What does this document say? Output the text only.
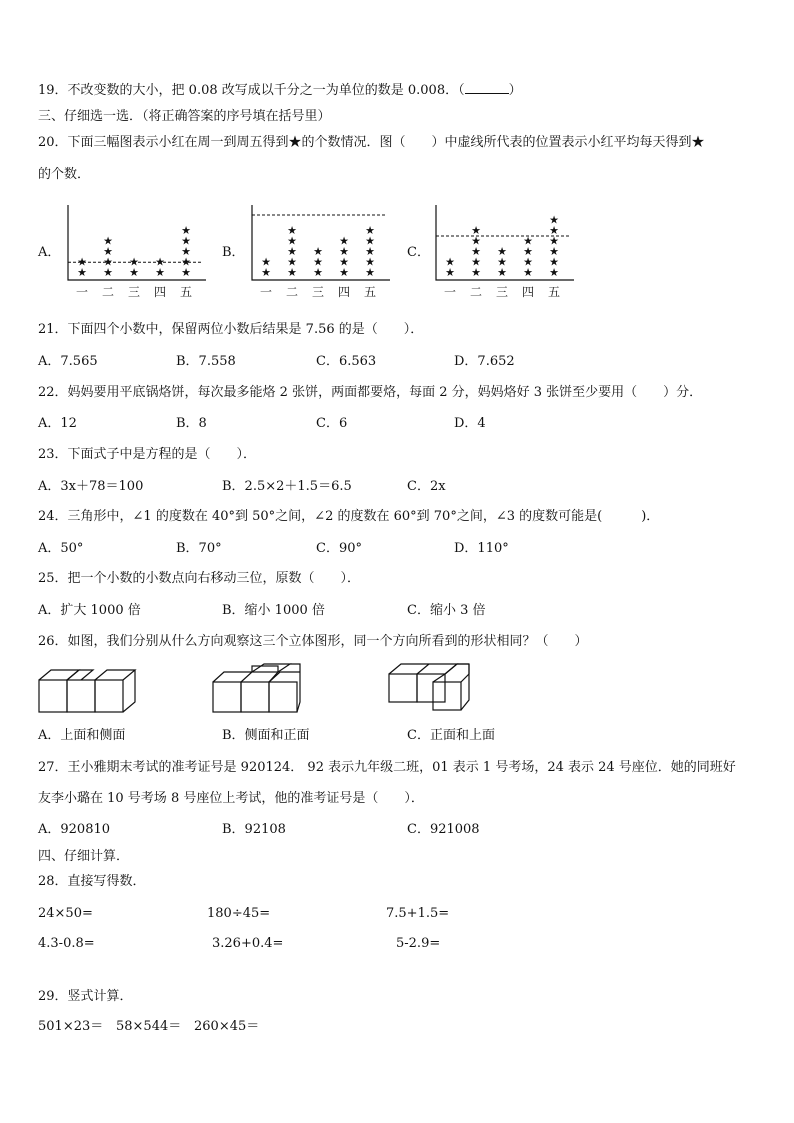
19．不改变数的大小，把 0.08 改写成以千分之一为单位的数是 0.008．（	）
三、仔细选一选．（将正确答案的序号填在括号里）
20．下面三幅图表示小红在周一到周五得到★的个数情况．图（　　）中虚线所代表的位置表示小红平均每天得到★
的个数．
A．	B．	C．
★
★
一
★
★
★
★
二
★
★
三
★
★
四
★
★
★
★
★
五
★
★
一
★
★
★
★
★
二
★
★
★
三
★
★
★
★
四
★
★
★
★
★
五
★
★
一
★
★
★
★
★
二
★
★
★
三
★
★
★
★
四
★
★
★
★
★
★
五
21．下面四个小数中，保留两位小数后结果是 7.56 的是（　　）．
A．7.565	B．7.558	C．6.563	D．7.652
22．妈妈要用平底锅烙饼，每次最多能烙 2 张饼，两面都要烙，每面 2 分，妈妈烙好 3 张饼至少要用（　　）分．
A．12	B．8	C．6	D．4
23．下面式子中是方程的是（　　）．
A．3x＋78＝100	B．2.5×2＋1.5＝6.5	C．2x
24．三角形中，∠1 的度数在 40°到 50°之间，∠2 的度数在 60°到 70°之间，∠3 的度数可能是(　　　)．
A．50°	B．70°	C．90°	D．110°
25．把一个小数的小数点向右移动三位，原数（　　）．
A．扩大 1000 倍	B．缩小 1000 倍	C．缩小 3 倍
26．如图，我们分别从什么方向观察这三个立体图形，同一个方向所看到的形状相同？（　　）
A．上面和侧面	B．侧面和正面	C．正面和上面
27．王小雅期末考试的准考证号是 920124． 92 表示九年级二班，01 表示 1 号考场，24 表示 24 号座位．她的同班好
友李小璐在 10 号考场 8 号座位上考试，他的准考证号是（　　）．
A．920810	B．92108	C．921008
四、仔细计算．
28．直接写得数．
24×50=	180÷45=	7.5+1.5=
4.3-0.8=	3.26+0.4=	5-2.9=
29．竖式计算．
501×23＝ 58×544＝ 260×45＝
